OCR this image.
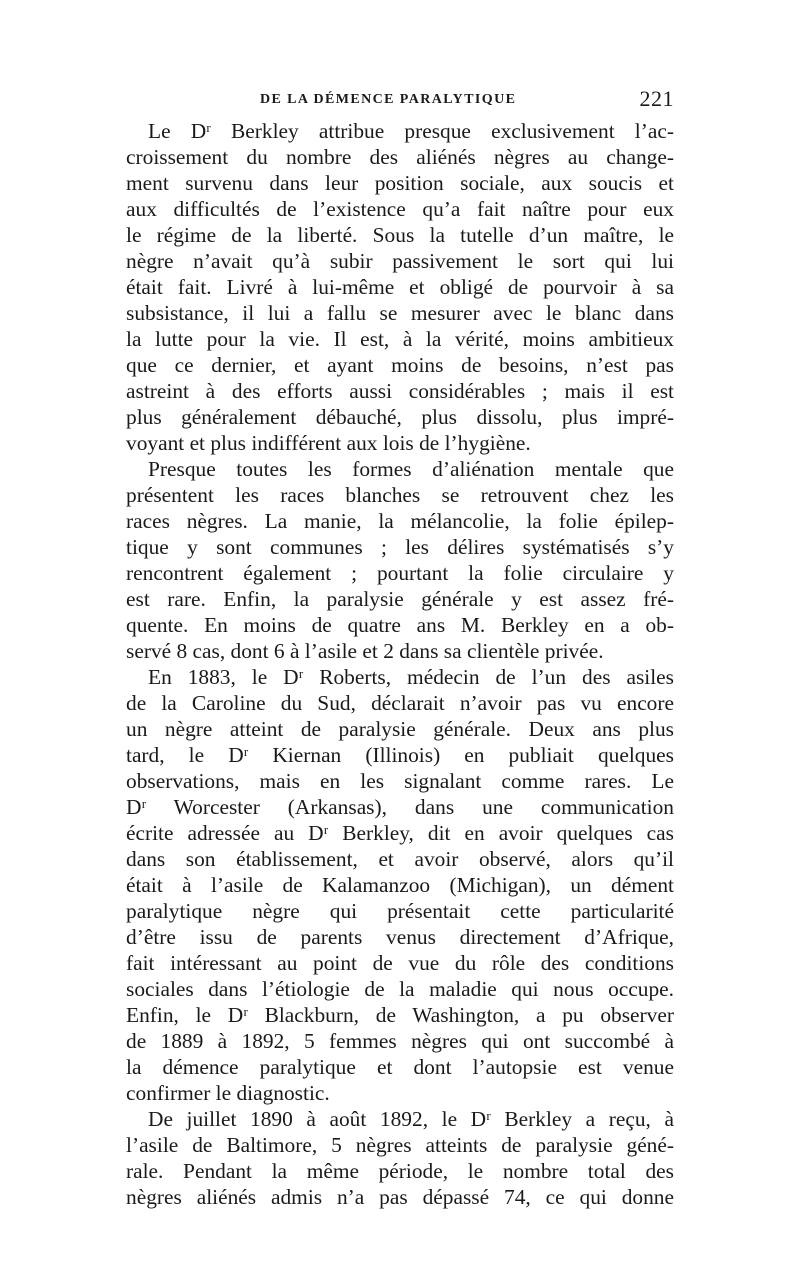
DE LA DÉMENCE PARALYTIQUE	221
Le Dʳ Berkley attribue presque exclusivement l’ac-
croissement du nombre des aliénés nègres au change-
ment survenu dans leur position sociale, aux soucis et
aux difficultés de l’existence qu’a fait naître pour eux
le régime de la liberté. Sous la tutelle d’un maître, le
nègre n’avait qu’à subir passivement le sort qui lui
était fait. Livré à lui-même et obligé de pourvoir à sa
subsistance, il lui a fallu se mesurer avec le blanc dans
la lutte pour la vie. Il est, à la vérité, moins ambitieux
que ce dernier, et ayant moins de besoins, n’est pas
astreint à des efforts aussi considérables ; mais il est
plus généralement débauché, plus dissolu, plus impré-
voyant et plus indifférent aux lois de l’hygiène.
Presque toutes les formes d’aliénation mentale que
présentent les races blanches se retrouvent chez les
races nègres. La manie, la mélancolie, la folie épilep-
tique y sont communes ; les délires systématisés s’y
rencontrent également ; pourtant la folie circulaire y
est rare. Enfin, la paralysie générale y est assez fré-
quente. En moins de quatre ans M. Berkley en a ob-
servé 8 cas, dont 6 à l’asile et 2 dans sa clientèle privée.
En 1883, le Dʳ Roberts, médecin de l’un des asiles
de la Caroline du Sud, déclarait n’avoir pas vu encore
un nègre atteint de paralysie générale. Deux ans plus
tard, le Dʳ Kiernan (Illinois) en publiait quelques
observations, mais en les signalant comme rares. Le
Dʳ Worcester (Arkansas), dans une communication
écrite adressée au Dʳ Berkley, dit en avoir quelques cas
dans son établissement, et avoir observé, alors qu’il
était à l’asile de Kalamanzoo (Michigan), un dément
paralytique nègre qui présentait cette particularité
d’être issu de parents venus directement d’Afrique,
fait intéressant au point de vue du rôle des conditions
sociales dans l’étiologie de la maladie qui nous occupe.
Enfin, le Dʳ Blackburn, de Washington, a pu observer
de 1889 à 1892, 5 femmes nègres qui ont succombé à
la démence paralytique et dont l’autopsie est venue
confirmer le diagnostic.
De juillet 1890 à août 1892, le Dʳ Berkley a reçu, à
l’asile de Baltimore, 5 nègres atteints de paralysie géné-
rale. Pendant la même période, le nombre total des
nègres aliénés admis n’a pas dépassé 74, ce qui donne
